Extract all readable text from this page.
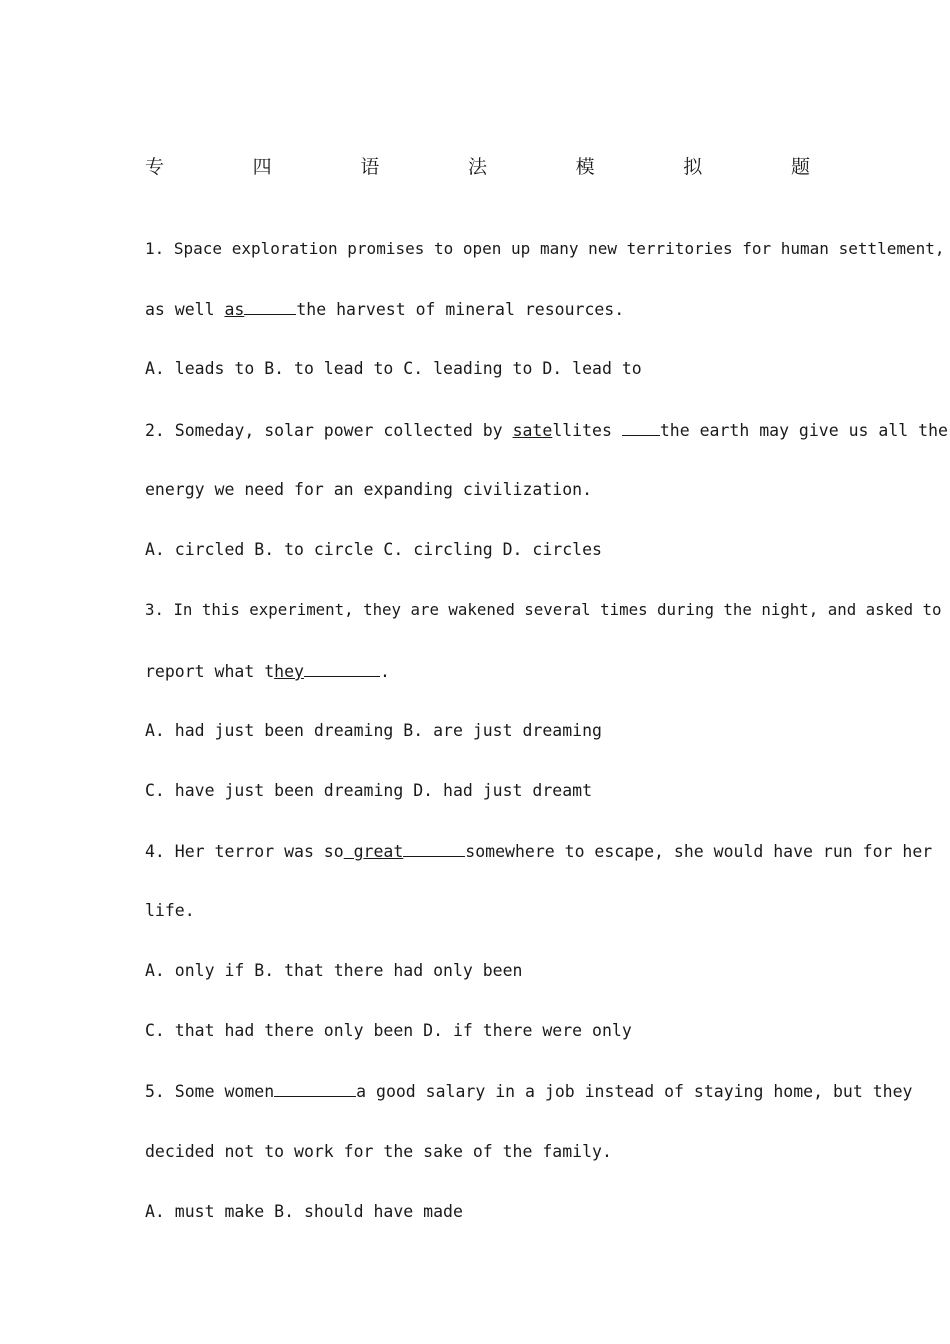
专	四	语	法	模	拟	题
1. Space exploration promises to open up many new territories for human settlement,
as well as	the harvest of mineral resources.
A. leads to B. to lead to C. leading to D. lead to
2. Someday, solar power collected by satellites the earth may give us all the
energy we need for an expanding civilization.
A. circled B. to circle C. circling D. circles
3. In this experiment, they are wakened several times during the night, and asked to
report what they	.
A. had just been dreaming B. are just dreaming
C. have just been dreaming D. had just dreamt
4. Her terror was so great	somewhere to escape, she would have run for her
life.
A. only if B. that there had only been
C. that had there only been D. if there were only
5. Some women	a good salary in a job instead of staying home, but they
decided not to work for the sake of the family.
A. must make B. should have made
